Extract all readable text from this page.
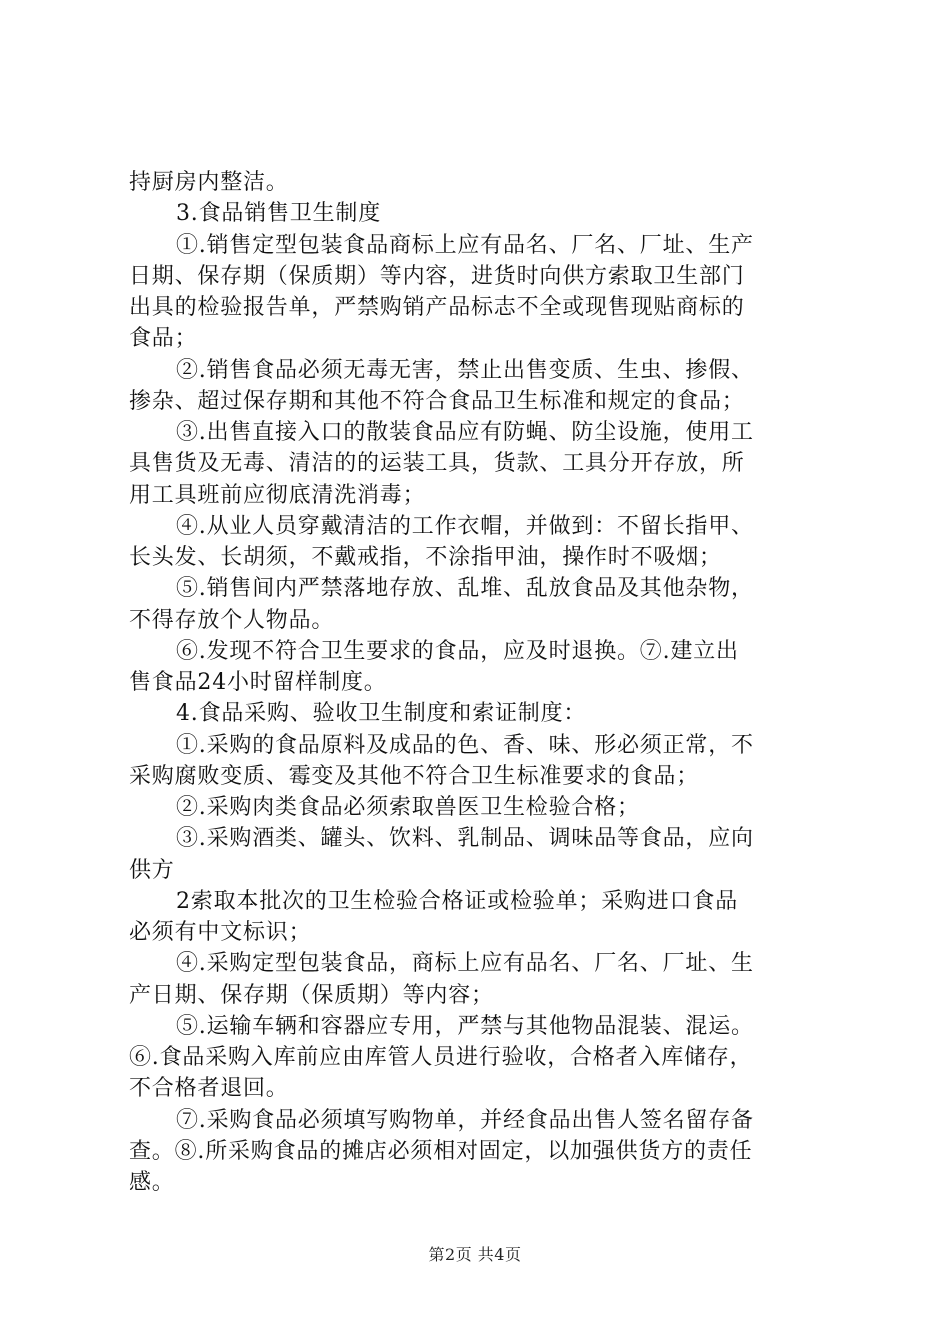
持厨房内整洁。
3.食品销售卫生制度
①.销售定型包装食品商标上应有品名、厂名、厂址、生产
日期、保存期（保质期）等内容，进货时向供方索取卫生部门
出具的检验报告单，严禁购销产品标志不全或现售现贴商标的
食品；
②.销售食品必须无毒无害，禁止出售变质、生虫、掺假、
掺杂、超过保存期和其他不符合食品卫生标准和规定的食品；
③.出售直接入口的散装食品应有防蝇、防尘设施，使用工
具售货及无毒、清洁的的运装工具，货款、工具分开存放，所
用工具班前应彻底清洗消毒；
④.从业人员穿戴清洁的工作衣帽，并做到：不留长指甲、
长头发、长胡须，不戴戒指，不涂指甲油，操作时不吸烟；
⑤.销售间内严禁落地存放、乱堆、乱放食品及其他杂物，
不得存放个人物品。
⑥.发现不符合卫生要求的食品，应及时退换。⑦.建立出
售食品24小时留样制度。
4.食品采购、验收卫生制度和索证制度：
①.采购的食品原料及成品的色、香、味、形必须正常，不
采购腐败变质、霉变及其他不符合卫生标准要求的食品；
②.采购肉类食品必须索取兽医卫生检验合格；
③.采购酒类、罐头、饮料、乳制品、调味品等食品，应向
供方
2索取本批次的卫生检验合格证或检验单；采购进口食品
必须有中文标识；
④.采购定型包装食品，商标上应有品名、厂名、厂址、生
产日期、保存期（保质期）等内容；
⑤.运输车辆和容器应专用，严禁与其他物品混装、混运。
⑥.食品采购入库前应由库管人员进行验收，合格者入库储存，
不合格者退回。
⑦.采购食品必须填写购物单，并经食品出售人签名留存备
查。⑧.所采购食品的摊店必须相对固定，以加强供货方的责任
感。
第2页 共4页
